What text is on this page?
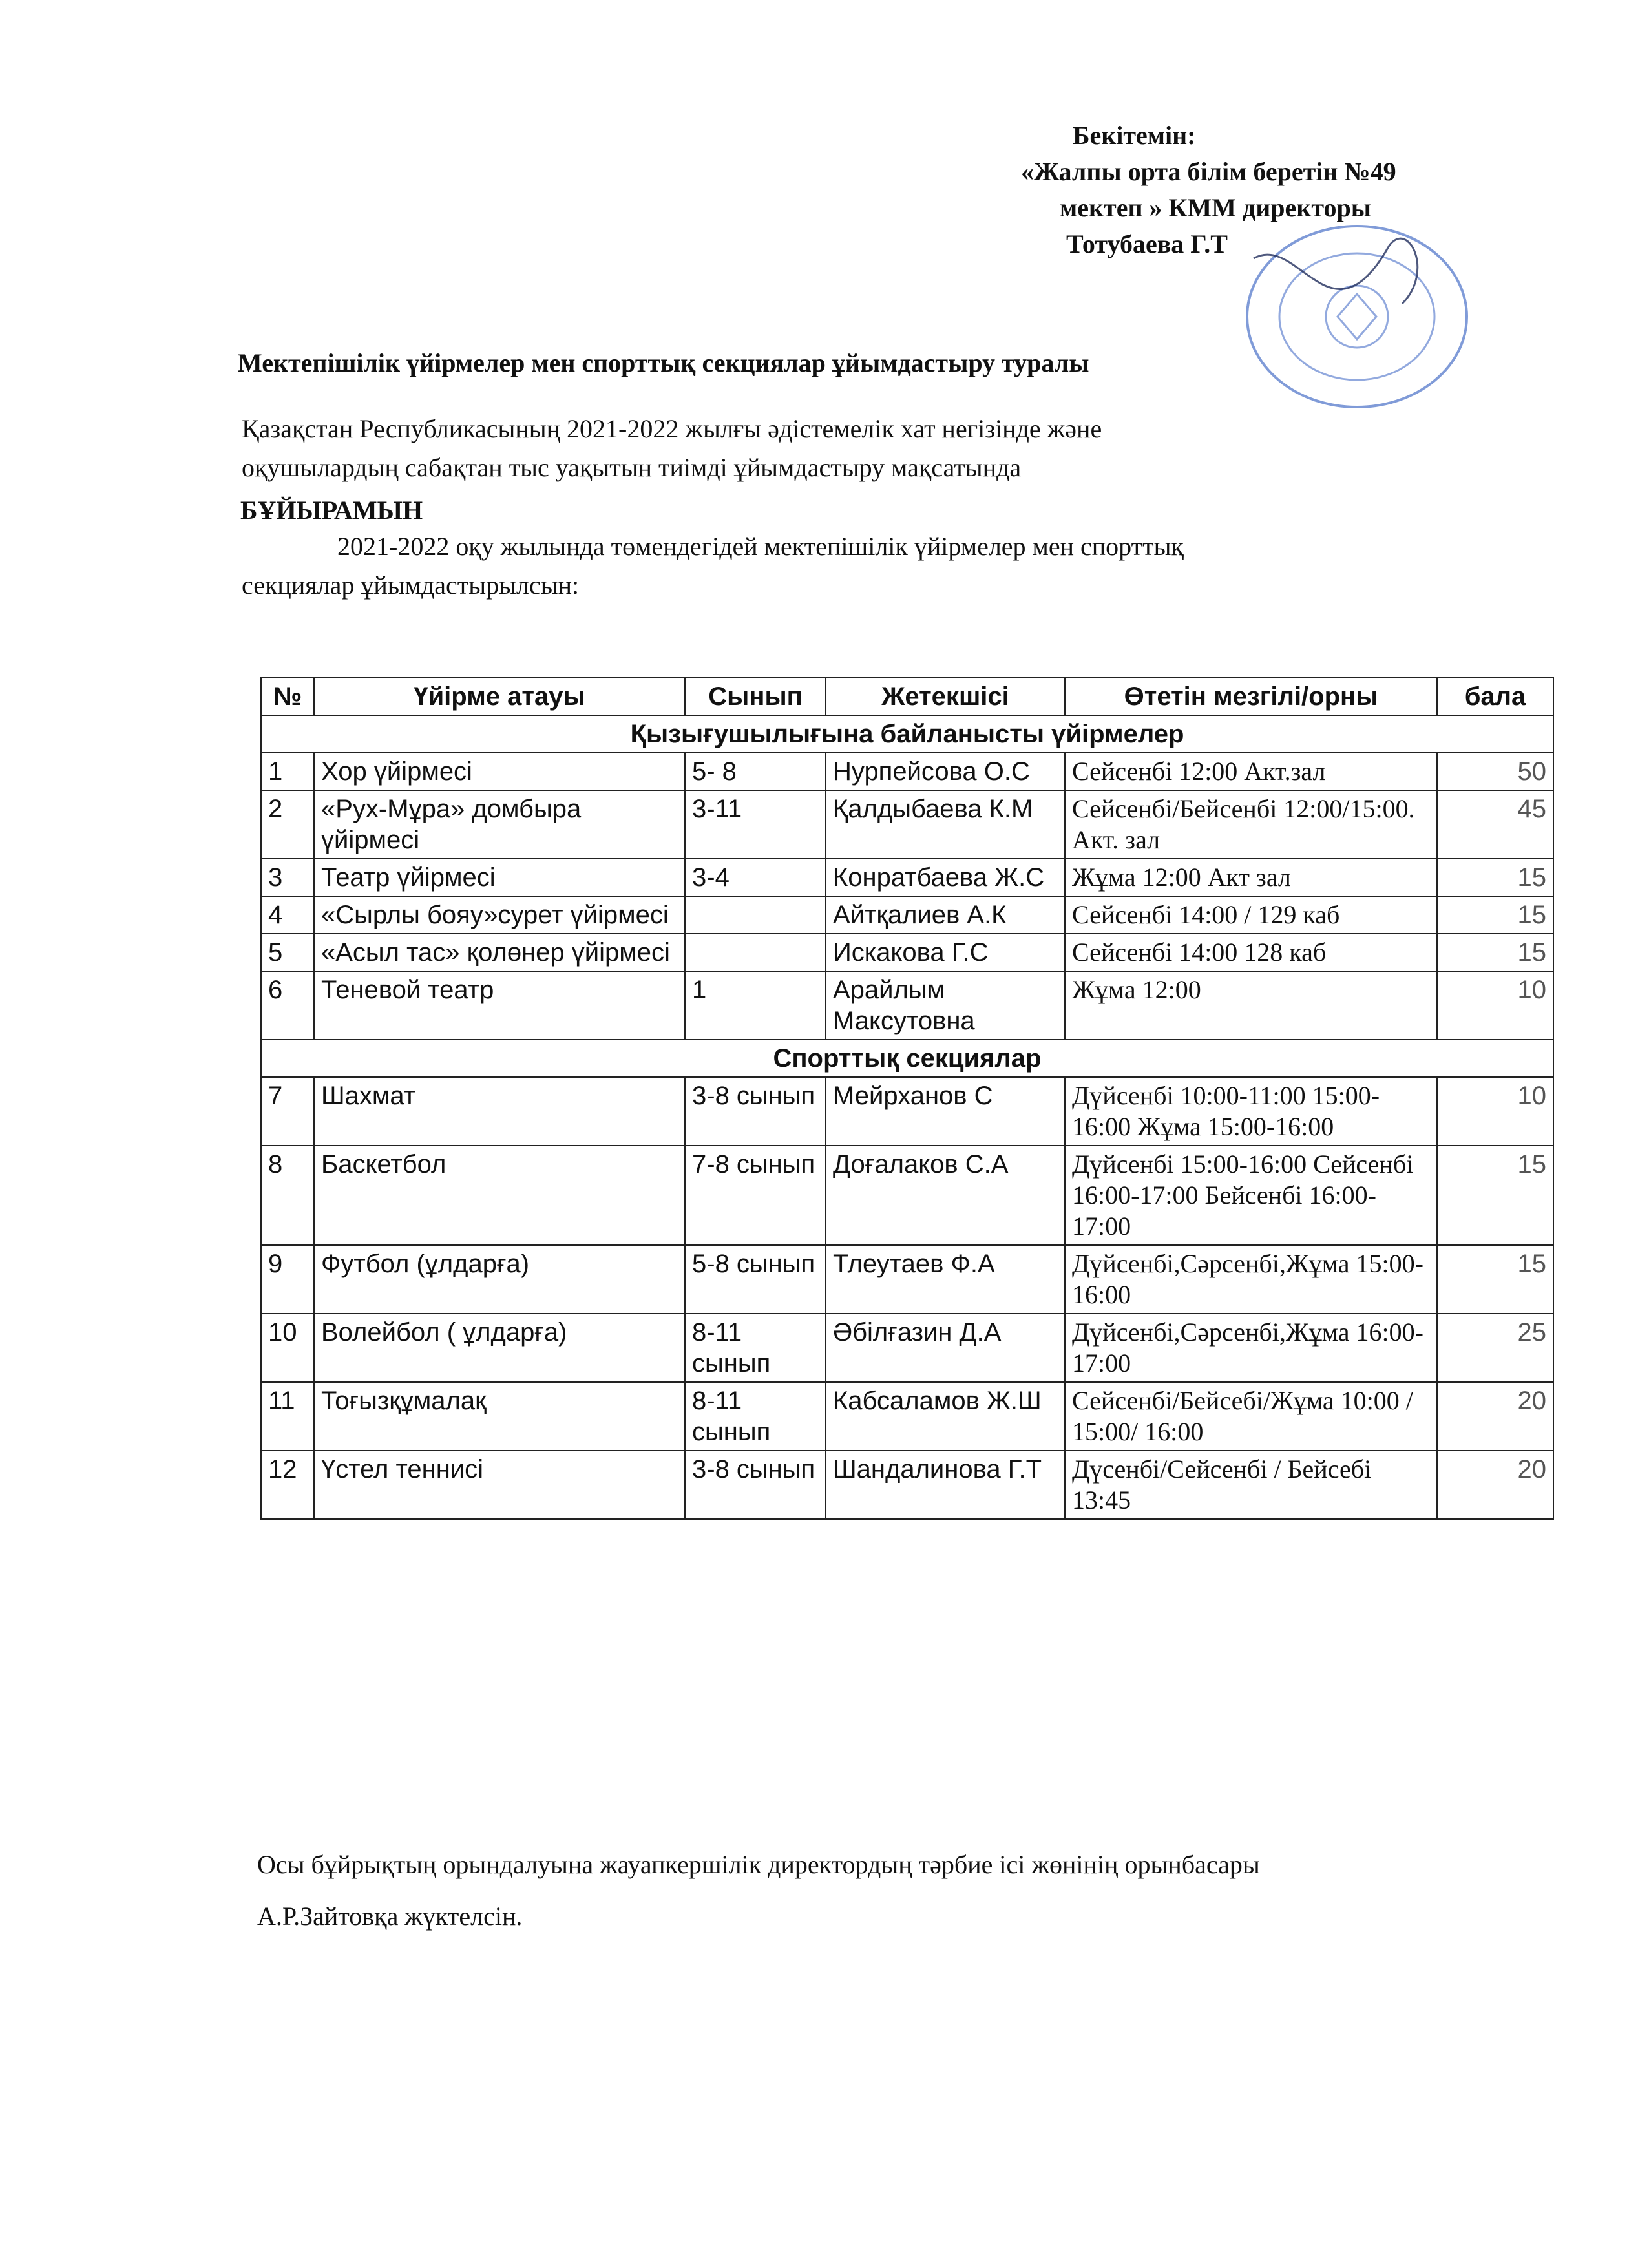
Бекітемін:
«Жалпы орта білім беретін №49
мектеп » КММ директоры
Тотубаева Г.Т
Мектепішілік үйірмелер мен спорттық секциялар ұйымдастыру туралы
Қазақстан Республикасының 2021-2022 жылғы әдістемелік хат негізінде және
оқушылардың сабақтан тыс уақытын тиімді ұйымдастыру мақсатында
БҰЙЫРАМЫН
2021-2022 оқу жылында төмендегідей мектепішілік үйірмелер мен спорттық
секциялар ұйымдастырылсын:
№	Үйірме атауы	Сынып	Жетекшісі	Өтетін мезгілі/орны	бала
Қызығушылығына байланысты үйірмелер					
1	Хор үйірмесі	5- 8	Нурпейсова О.С	Сейсенбі 12:00 Акт.зал	50
2	«Рух-Мұра» домбыра үйірмесі	3-11	Қалдыбаева К.М	Сейсенбі/Бейсенбі 12:00/15:00. Акт. зал	45
3	Театр үйірмесі	3-4	Конратбаева Ж.С	Жұма 12:00 Акт зал	15
4	«Сырлы бояу»сурет үйірмесі		Айтқалиев А.К	Сейсенбі 14:00 / 129 каб	15
5	«Асыл тас» қолөнер үйірмесі		Искакова Г.С	Сейсенбі 14:00 128 каб	15
6	Теневой театр	1	Арайлым Максутовна	Жұма 12:00	10
Спорттық секциялар					
7	Шахмат	3-8 сынып	Мейрханов С	Дүйсенбі 10:00-11:00 15:00-16:00 Жұма 15:00-16:00	10
8	Баскетбол	7-8 сынып	Доғалаков С.А	Дүйсенбі 15:00-16:00 Сейсенбі 16:00-17:00 Бейсенбі 16:00-17:00	15
9	Футбол (ұлдарға)	5-8 сынып	Тлеутаев Ф.А	Дүйсенбі,Сәрсенбі,Жұма 15:00-16:00	15
10	Волейбол ( ұлдарға)	8-11 сынып	Әбілғазин Д.А	Дүйсенбі,Сәрсенбі,Жұма 16:00-17:00	25
11	Тоғызқұмалақ	8-11 сынып	Кабсаламов Ж.Ш	Сейсенбі/Бейсебі/Жұма 10:00 / 15:00/ 16:00	20
12	Үстел теннисі	3-8 сынып	Шандалинова Г.Т	Дүсенбі/Сейсенбі / Бейсебі 13:45	20
Осы бұйрықтың орындалуына жауапкершілік директордың тәрбие ісі жөнінің орынбасары
А.Р.Зайтовқа жүктелсін.
